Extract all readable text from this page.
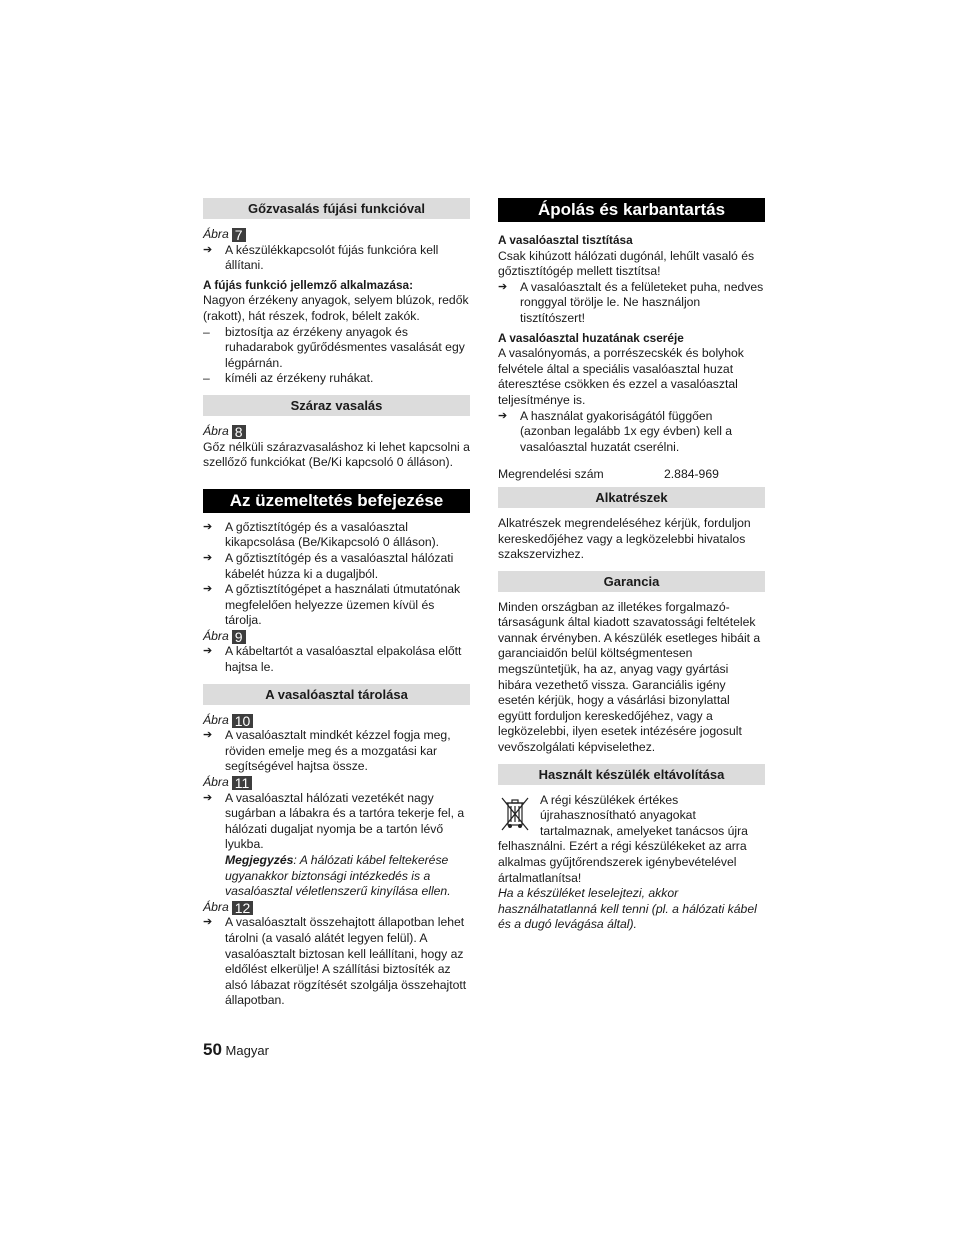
Gőzvasalás fújási funkcióval
Ábra 7
➔	A készülékkapcsolót fújás funkcióra kell állítani.
A fújás funkció jellemző alkalmazása:
Nagyon érzékeny anyagok, selyem blúzok, redők (rakott), hát részek, fodrok, bélelt zakók.
–	biztosítja az érzékeny anyagok és ruhadarabok gyűrődésmentes vasalását egy légpárnán.
–	kíméli az érzékeny ruhákat.
Száraz vasalás
Ábra 8
Gőz nélküli szárazvasaláshoz ki lehet kapcsolni a szellőző funkciókat (Be/Ki kapcsoló 0 álláson).
Az üzemeltetés befejezése
➔	A gőztisztítógép és a vasalóasztal kikapcsolása (Be/Kikapcsoló 0 álláson).
➔	A gőztisztítógép és a vasalóasztal hálózati kábelét húzza ki a dugaljból.
➔	A gőztisztítógépet a használati útmutatónak megfelelően helyezze üzemen kívül és tárolja.
Ábra 9
➔	A kábeltartót a vasalóasztal elpakolása előtt hajtsa le.
A vasalóasztal tárolása
Ábra 10
➔	A vasalóasztalt mindkét kézzel fogja meg, röviden emelje meg és a mozgatási kar segítségével hajtsa össze.
Ábra 11
➔	A vasalóasztal hálózati vezetékét nagy sugárban a lábakra és a tartóra tekerje fel, a hálózati dugaljat nyomja be a tartón lévő lyukba.
Megjegyzés: A hálózati kábel feltekerése ugyanakkor biztonsági intézkedés is a vasalóasztal véletlenszerű kinyílása ellen.
Ábra 12
➔	A vasalóasztalt összehajtott állapotban lehet tárolni (a vasaló alátét legyen felül). A vasalóasztalt biztosan kell leállítani, hogy az eldőlést elkerülje! A szállítási biztosíték az alsó lábazat rögzítését szolgálja összehajtott állapotban.
Ápolás és karbantartás
A vasalóasztal tisztítása
Csak kihúzott hálózati dugónál, lehűlt vasaló és gőztisztítógép mellett tisztítsa!
➔	A vasalóasztalt és a felületeket puha, nedves ronggyal törölje le. Ne használjon tisztítószert!
A vasalóasztal huzatának cseréje
A vasalónyomás, a porrészecskék és bolyhok felvétele által a speciális vasalóasztal huzat áteresztése csökken és ezzel a vasalóasztal teljesítménye is.
➔	A használat gyakoriságától függően (azonban legalább 1x egy évben) kell a vasalóasztal huzatát cserélni.
Megrendelési szám	2.884-969
Alkatrészek
Alkatrészek megrendeléséhez kérjük, forduljon kereskedőjéhez vagy a legközelebbi hivatalos szakszervizhez.
Garancia
Minden országban az illetékes forgalmazó-társaságunk által kiadott szavatossági feltételek vannak érvényben. A készülék esetleges hibáit a garanciaidőn belül költségmentesen megszüntetjük, ha az, anyag vagy gyártási hibára vezethető vissza. Garanciális igény esetén kérjük, hogy a vásárlási bizonylattal együtt forduljon kereskedőjéhez, vagy a legközelebbi, ilyen esetek intézésére jogosult vevőszolgálati képviselethez.
Használt készülék eltávolítása
A régi készülékek értékes újrahasznosítható anyagokat tartalmaznak, amelyeket tanácsos újra
felhasználni. Ezért a régi készülékeket az arra alkalmas gyűjtőrendszerek igénybevételével ártalmatlanítsa!
Ha a készüléket leselejtezi, akkor használhatatlanná kell tenni (pl. a hálózati kábel és a dugó levágása által).
50 Magyar
